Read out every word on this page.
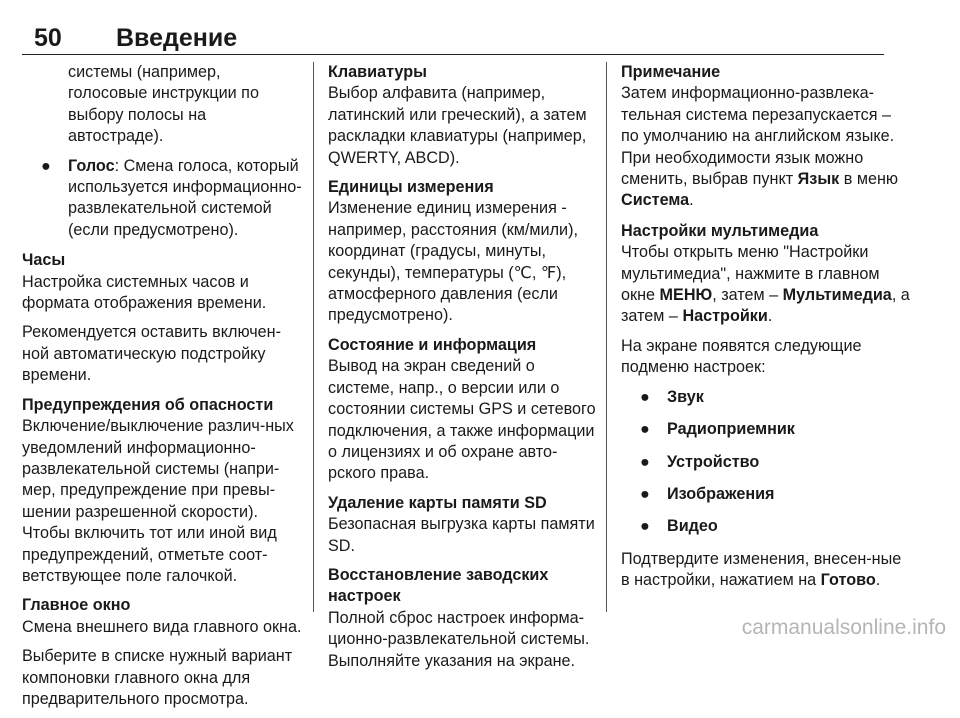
50 Введение

системы (например, голосовые инструкции по выбору полосы на автостраде).

● Голос: Смена голоса, который используется информационно-развлекательной системой (если предусмотрено).

Часы

Настройка системных часов и формата отображения времени.

Рекомендуется оставить включен-ной автоматическую подстройку времени.

Предупреждения об опасности

Включение/выключение различ-ных уведомлений информационно-развлекательной системы (напри-мер, предупреждение при превы-шении разрешенной скорости). Чтобы включить тот или иной вид предупреждений, отметьте соот-ветствующее поле галочкой.

Главное окно

Смена внешнего вида главного окна.

Выберите в списке нужный вариант компоновки главного окна для предварительного просмотра.

Клавиатуры

Выбор алфавита (например, латинский или греческий), а затем раскладки клавиатуры (например, QWERTY, ABCD).

Единицы измерения

Изменение единиц измерения - например, расстояния (км/мили), координат (градусы, минуты, секунды), температуры (℃, ℉), атмосферного давления (если предусмотрено).

Состояние и информация

Вывод на экран сведений о системе, напр., о версии или о состоянии системы GPS и сетевого подключения, а также информации о лицензиях и об охране авто-рского права.

Удаление карты памяти SD

Безопасная выгрузка карты памяти SD.

Восстановление заводских настроек

Полной сброс настроек информа-ционно-развлекательной системы. Выполняйте указания на экране.

Примечание

Затем информационно-развлека-тельная система перезапускается – по умолчанию на английском языке. При необходимости язык можно сменить, выбрав пункт Язык в меню Система.

Настройки мультимедиа

Чтобы открыть меню "Настройки мультимедиа", нажмите в главном окне МЕНЮ, затем – Мультимедиа, а затем – Настройки.

На экране появятся следующие подменю настроек:

● Звук
● Радиоприемник
● Устройство
● Изображения
● Видео

Подтвердите изменения, внесен-ные в настройки, нажатием на Готово.

carmanualsonline.info
